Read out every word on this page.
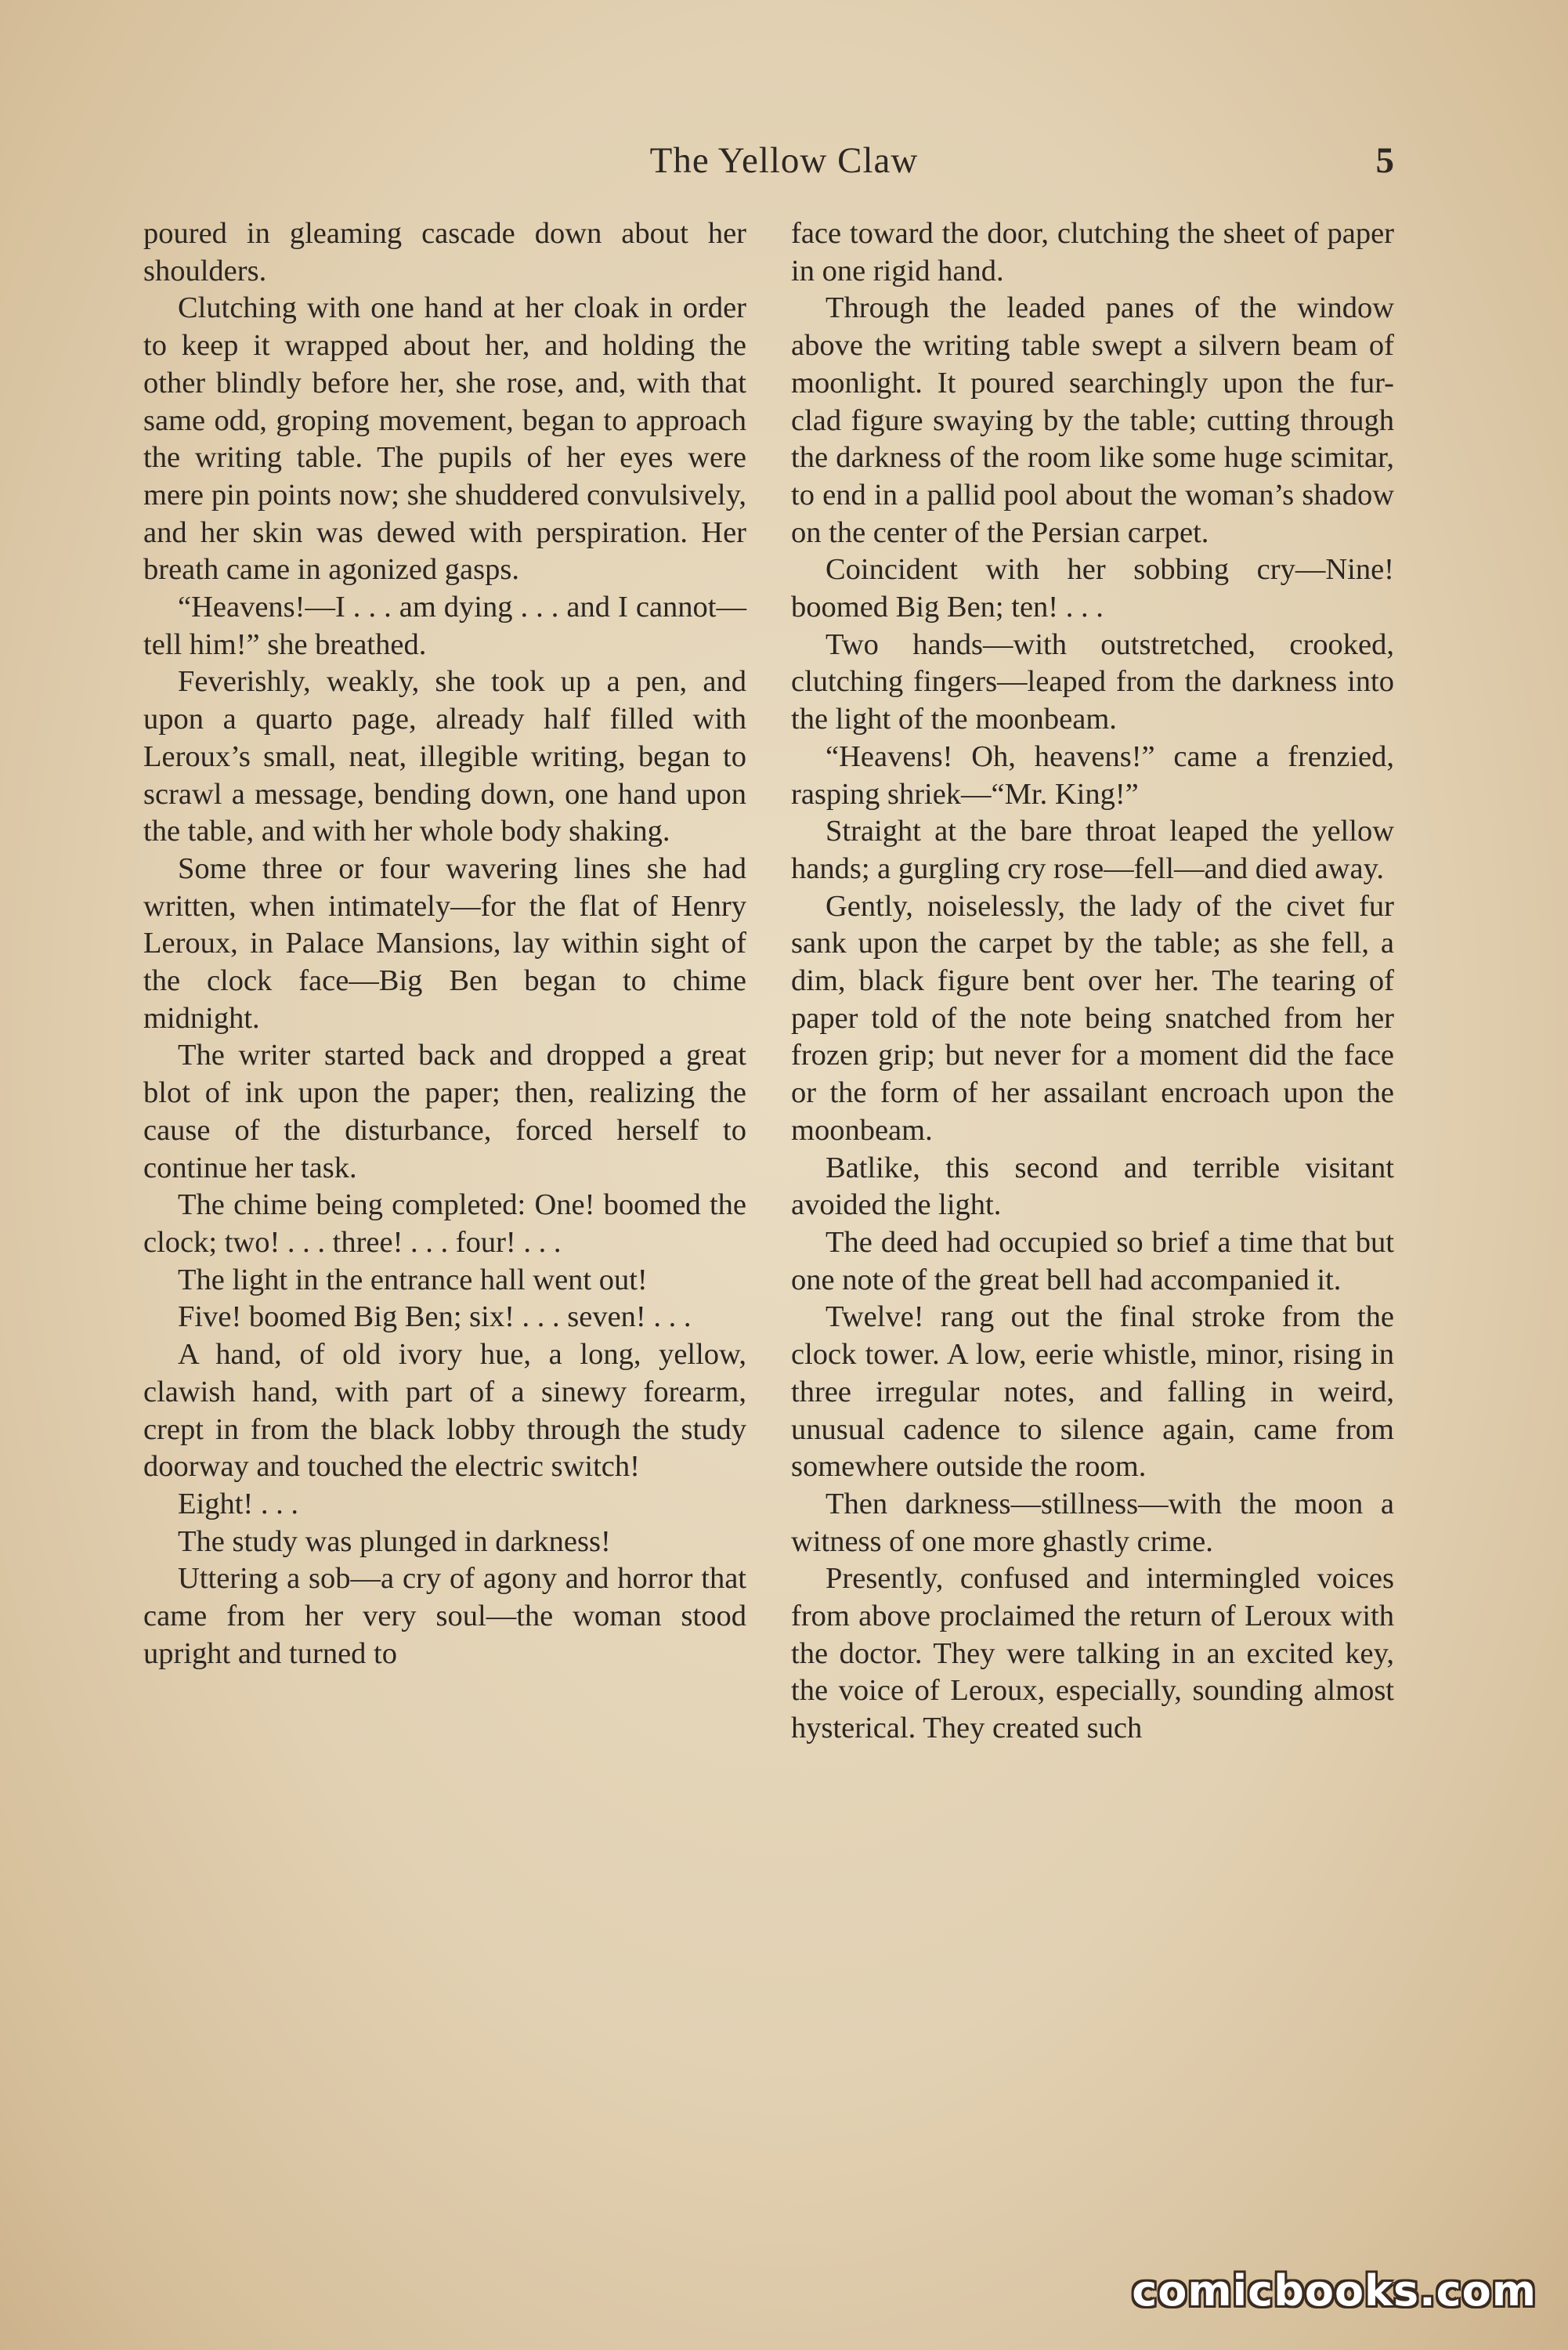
The Yellow Claw	5

poured in gleaming cascade down about her shoulders.

Clutching with one hand at her cloak in order to keep it wrapped about her, and holding the other blindly before her, she rose, and, with that same odd, groping movement, began to approach the writing table. The pupils of her eyes were mere pin points now; she shuddered convulsively, and her skin was dewed with perspiration. Her breath came in agonized gasps.

“Heavens!—I . . . am dying . . . and I cannot—tell him!” she breathed.

Feverishly, weakly, she took up a pen, and upon a quarto page, already half filled with Leroux’s small, neat, illegible writing, began to scrawl a message, bending down, one hand upon the table, and with her whole body shaking.

Some three or four wavering lines she had written, when intimately—for the flat of Henry Leroux, in Palace Mansions, lay within sight of the clock face—Big Ben began to chime midnight.

The writer started back and dropped a great blot of ink upon the paper; then, realizing the cause of the disturbance, forced herself to continue her task.

The chime being completed: One! boomed the clock; two! . . . three! . . . four! . . .

The light in the entrance hall went out!

Five! boomed Big Ben; six! . . . seven! . . .

A hand, of old ivory hue, a long, yellow, clawish hand, with part of a sinewy forearm, crept in from the black lobby through the study doorway and touched the electric switch!

Eight! . . .

The study was plunged in darkness!

Uttering a sob—a cry of agony and horror that came from her very soul—the woman stood upright and turned to

face toward the door, clutching the sheet of paper in one rigid hand.

Through the leaded panes of the window above the writing table swept a silvern beam of moonlight. It poured searchingly upon the fur-clad figure swaying by the table; cutting through the darkness of the room like some huge scimitar, to end in a pallid pool about the woman’s shadow on the center of the Persian carpet.

Coincident with her sobbing cry—Nine! boomed Big Ben; ten! . . .

Two hands—with outstretched, crooked, clutching fingers—leaped from the darkness into the light of the moonbeam.

“Heavens! Oh, heavens!” came a frenzied, rasping shriek—“Mr. King!”

Straight at the bare throat leaped the yellow hands; a gurgling cry rose—fell—and died away.

Gently, noiselessly, the lady of the civet fur sank upon the carpet by the table; as she fell, a dim, black figure bent over her. The tearing of paper told of the note being snatched from her frozen grip; but never for a moment did the face or the form of her assailant encroach upon the moonbeam.

Batlike, this second and terrible visitant avoided the light.

The deed had occupied so brief a time that but one note of the great bell had accompanied it.

Twelve! rang out the final stroke from the clock tower. A low, eerie whistle, minor, rising in three irregular notes, and falling in weird, unusual cadence to silence again, came from somewhere outside the room.

Then darkness—stillness—with the moon a witness of one more ghastly crime.

Presently, confused and intermingled voices from above proclaimed the return of Leroux with the doctor. They were talking in an excited key, the voice of Leroux, especially, sounding almost hysterical. They created such

comicbooks.com
